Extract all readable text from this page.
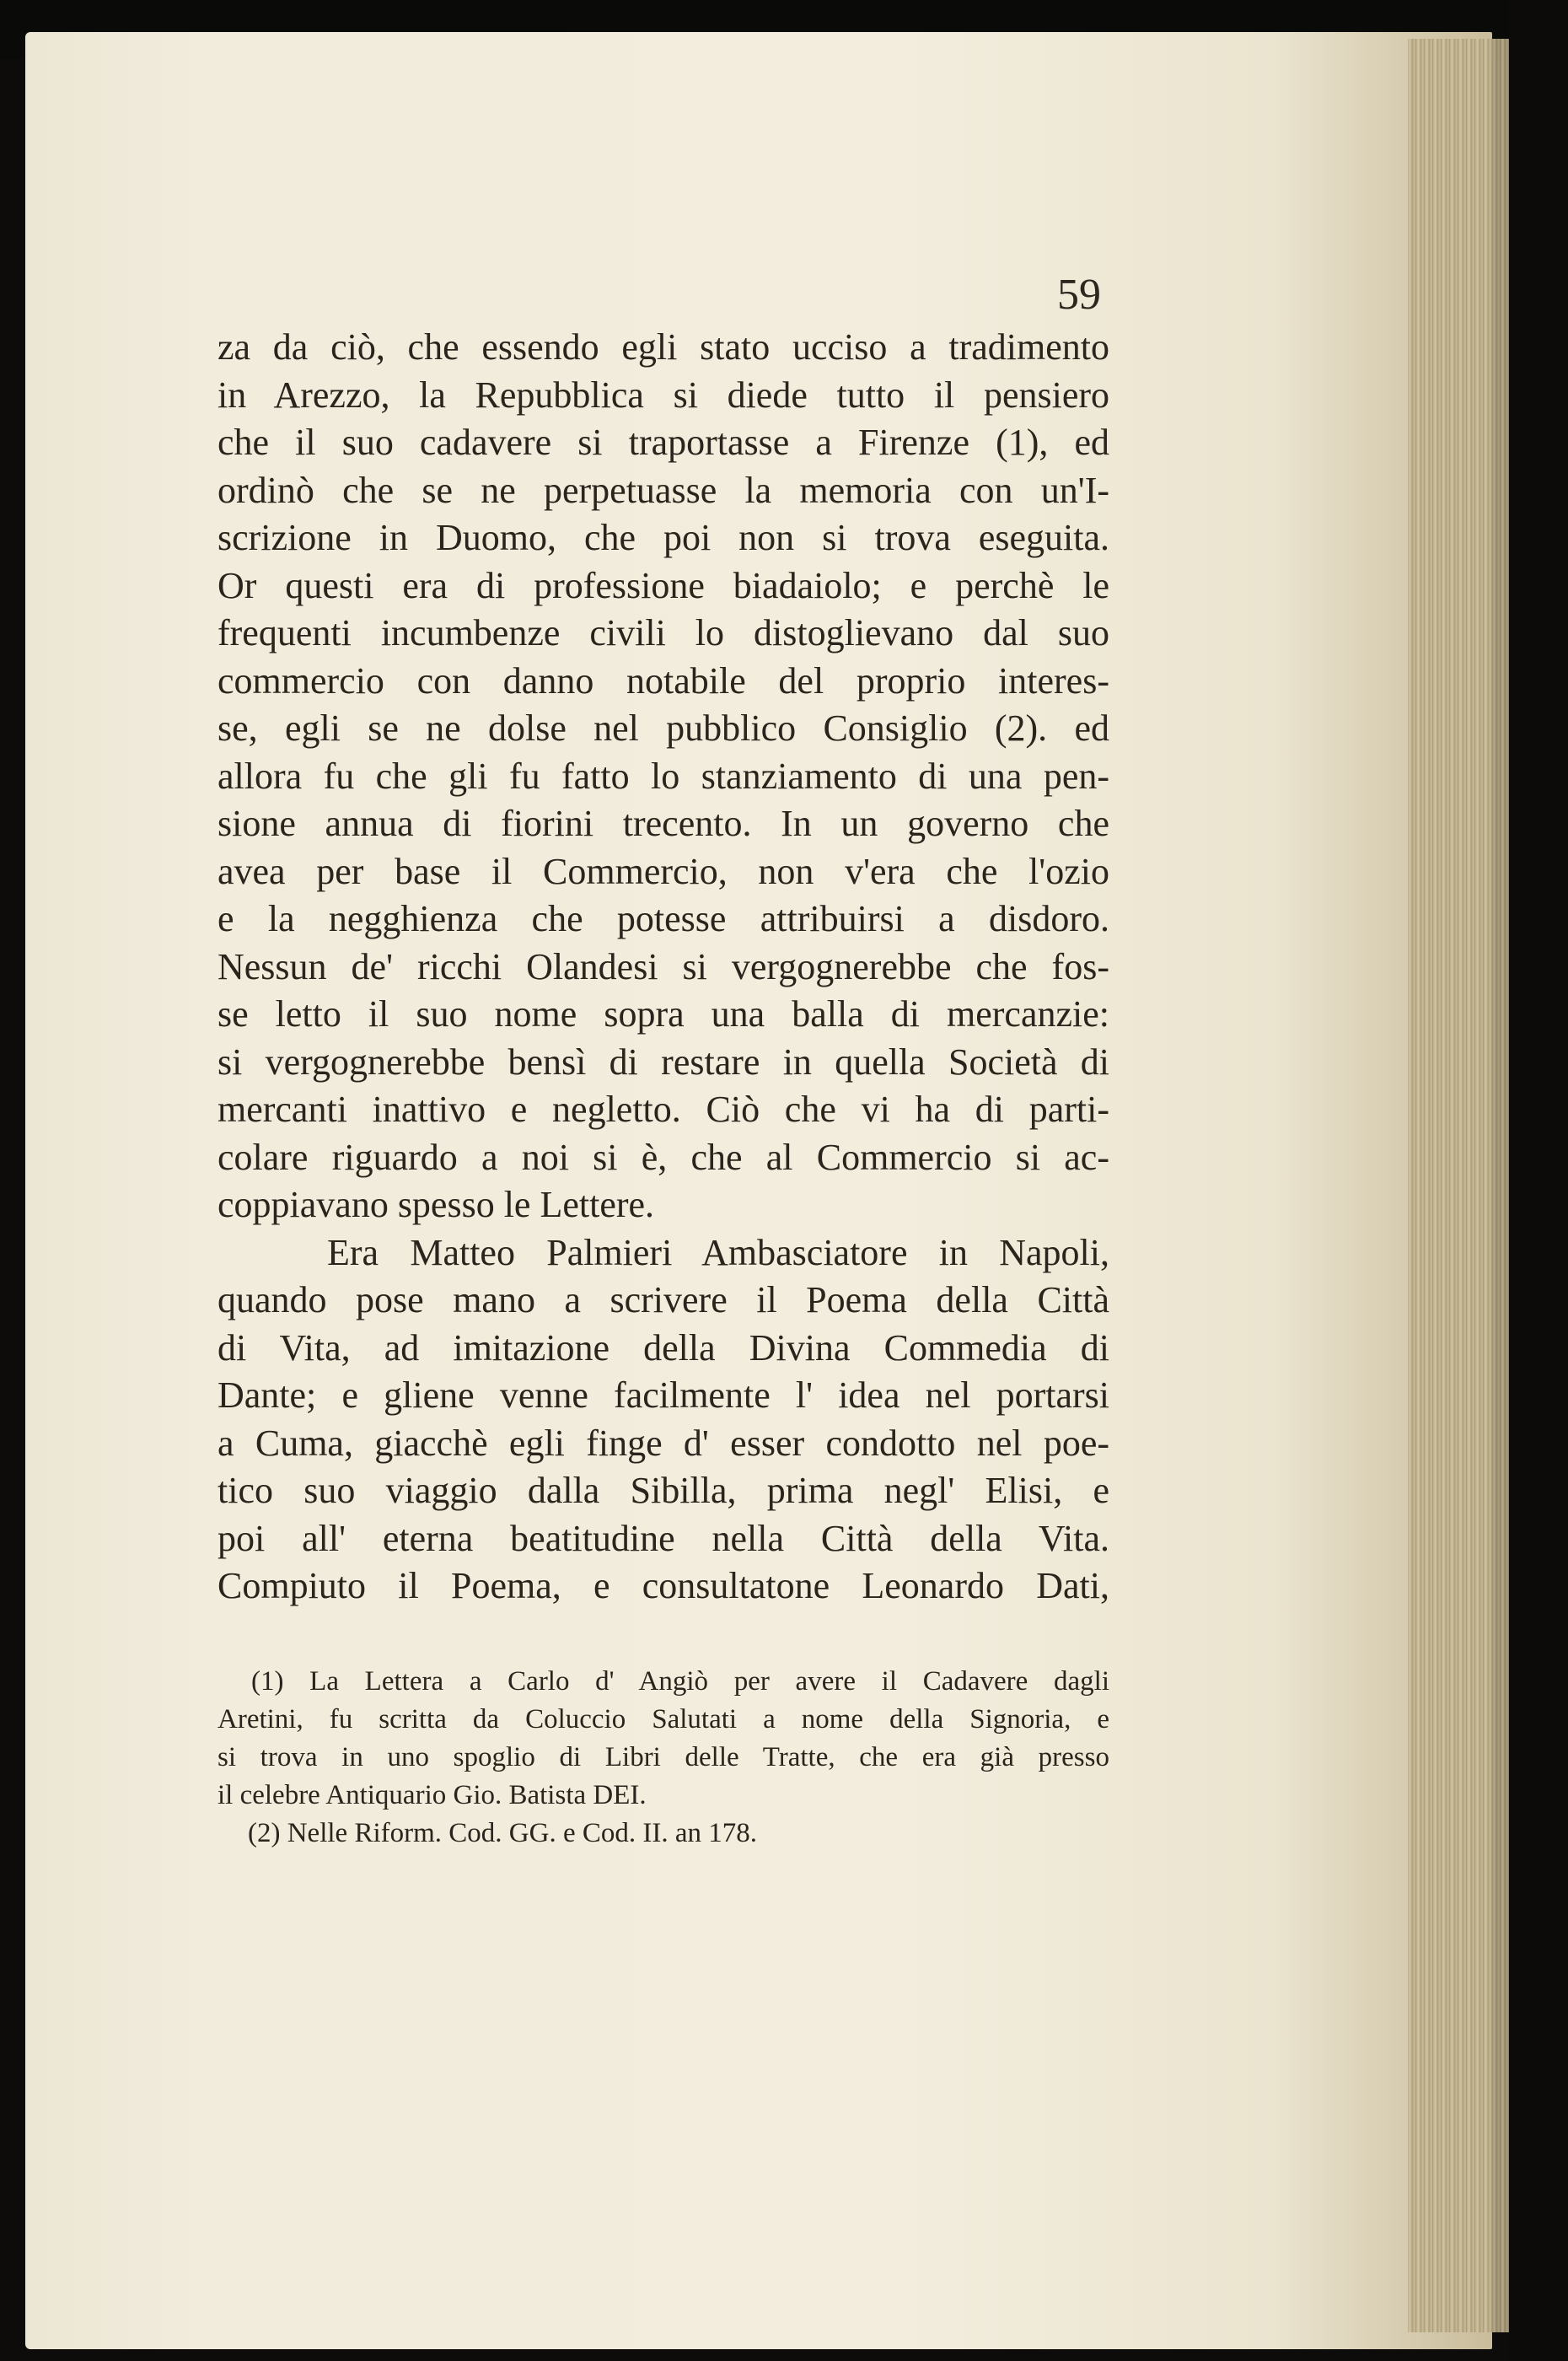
59
za da ciò, che essendo egli stato ucciso a tradimento
in Arezzo, la Repubblica si diede tutto il pensiero
che il suo cadavere si traportasse a Firenze (1), ed
ordinò che se ne perpetuasse la memoria con un'I-
scrizione in Duomo, che poi non si trova eseguita.
Or questi era di professione biadaiolo; e perchè le
frequenti incumbenze civili lo distoglievano dal suo
commercio con danno notabile del proprio interes-
se, egli se ne dolse nel pubblico Consiglio (2). ed
allora fu che gli fu fatto lo stanziamento di una pen-
sione annua di fiorini trecento. In un governo che
avea per base il Commercio, non v'era che l'ozio
e la negghienza che potesse attribuirsi a disdoro.
Nessun de' ricchi Olandesi si vergognerebbe che fos-
se letto il suo nome sopra una balla di mercanzie:
si vergognerebbe bensì di restare in quella Società di
mercanti inattivo e negletto. Ciò che vi ha di parti-
colare riguardo a noi si è, che al Commercio si ac-
coppiavano spesso le Lettere.
Era Matteo Palmieri Ambasciatore in Napoli,
quando pose mano a scrivere il Poema della Città
di Vita, ad imitazione della Divina Commedia di
Dante; e gliene venne facilmente l' idea nel portarsi
a Cuma, giacchè egli finge d' esser condotto nel poe-
tico suo viaggio dalla Sibilla, prima negl' Elisi, e
poi all' eterna beatitudine nella Città della Vita.
Compiuto il Poema, e consultatone Leonardo Dati,
(1) La Lettera a Carlo d' Angiò per avere il Cadavere dagli
Aretini, fu scritta da Coluccio Salutati a nome della Signoria, e
si trova in uno spoglio di Libri delle Tratte, che era già presso
il celebre Antiquario Gio. Batista DEI.
(2) Nelle Riform. Cod. GG. e Cod. II. an 178.
